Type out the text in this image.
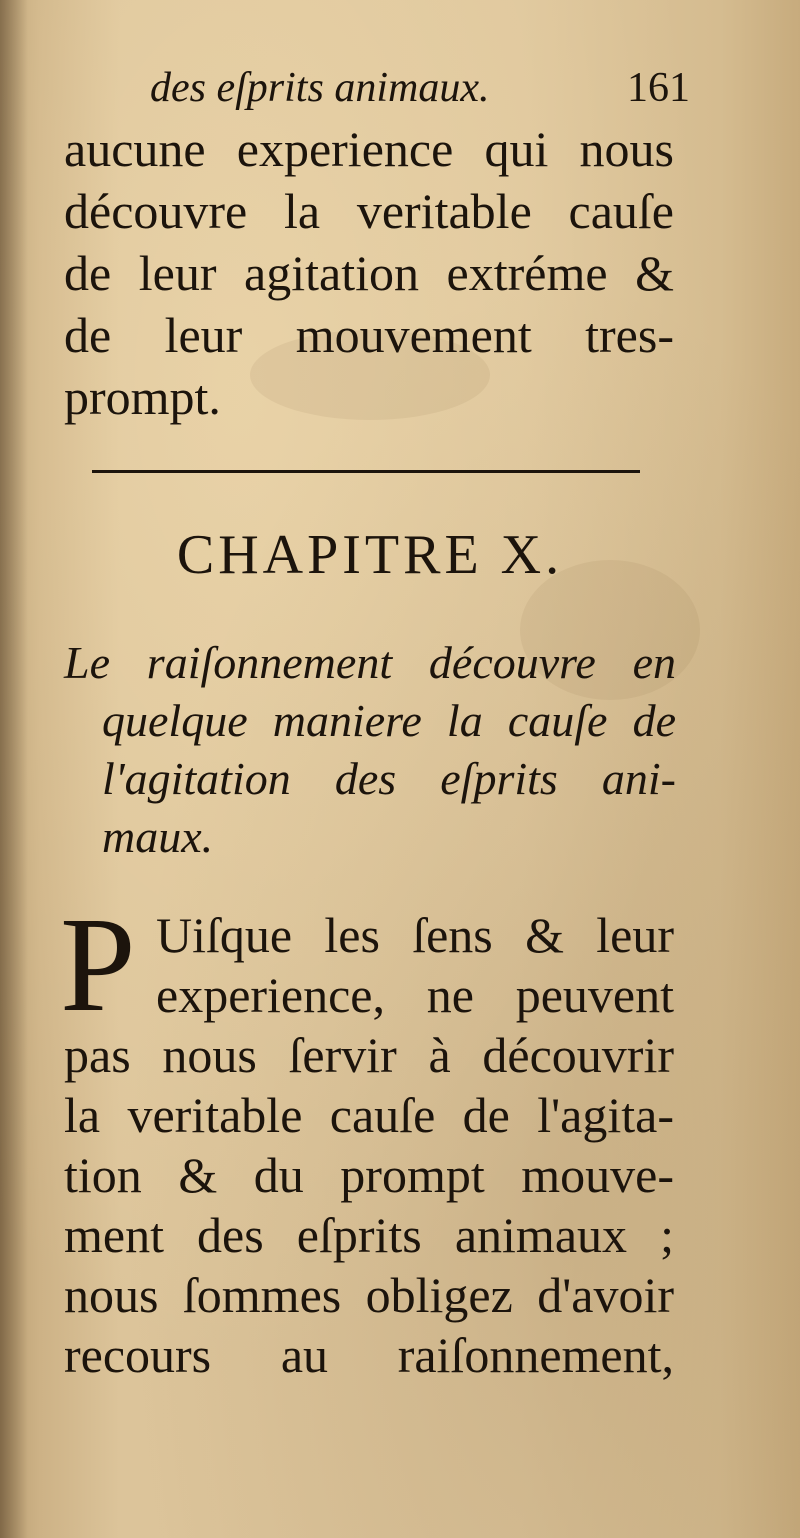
des eſprits animaux.	161
aucune experience qui nous
découvre la veritable cauſe
de leur agitation extréme &
de leur mouvement tres-
prompt.
CHAPITRE X.
Le raiſonnement découvre en
quelque maniere la cauſe de
l'agitation des eſprits ani-
maux.
P Uiſque les ſens & leur
experience, ne peuvent
pas nous ſervir à découvrir
la veritable cauſe de l'agita-
tion & du prompt mouve-
ment des eſprits animaux ;
nous ſommes obligez d'avoir
recours au raiſonnement,
